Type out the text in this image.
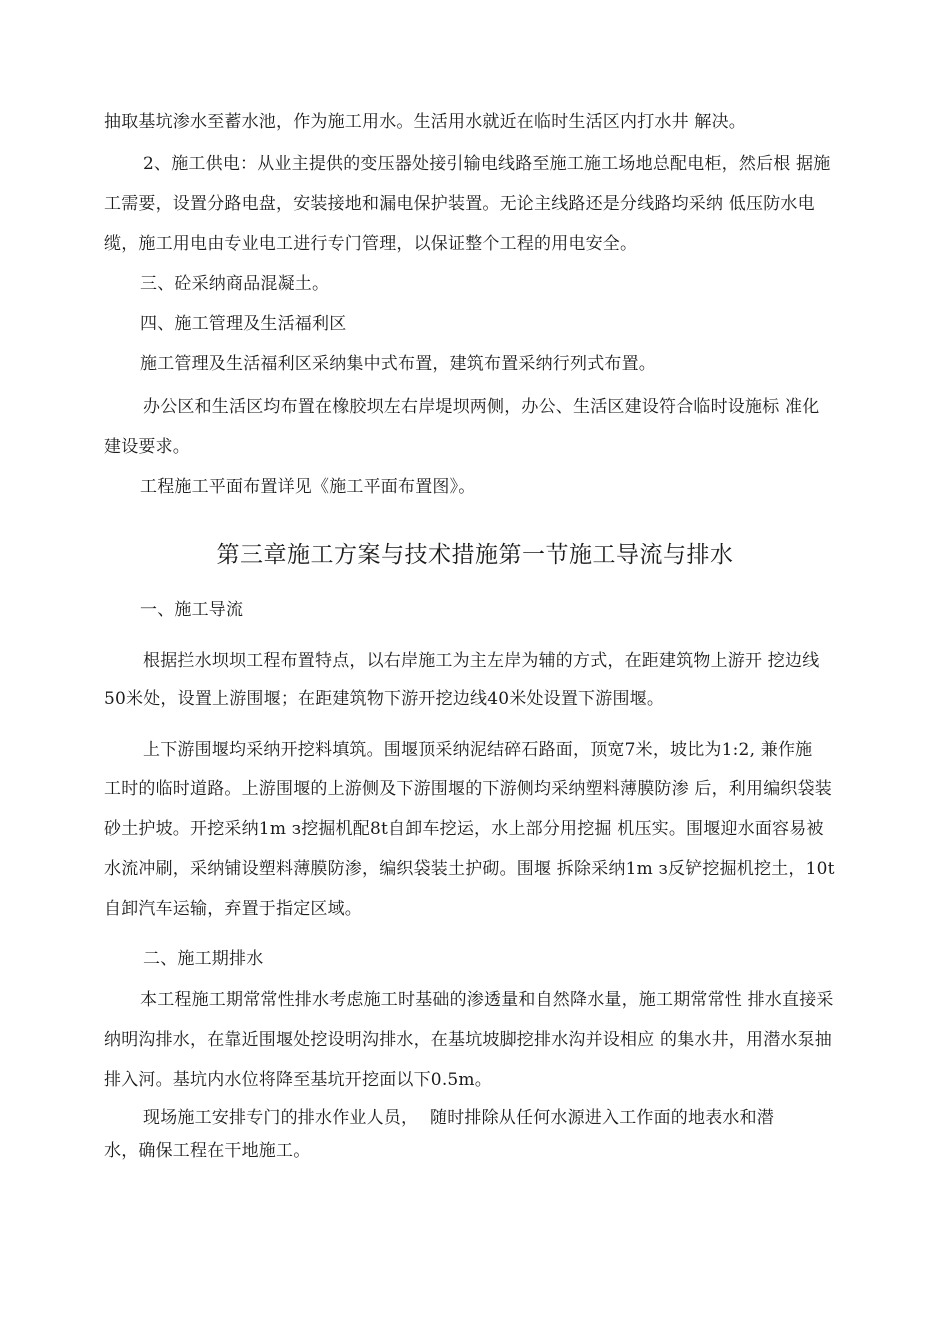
抽取基坑渗水至蓄水池，作为施工用水。生活用水就近在临时生活区内打水井 解决。
2、施工供电：从业主提供的变压器处接引输电线路至施工施工场地总配电柜，然后根 据施
工需要，设置分路电盘，安装接地和漏电保护装置。无论主线路还是分线路均采纳 低压防水电
缆，施工用电由专业电工进行专门管理，以保证整个工程的用电安全。
三、砼采纳商品混凝土。
四、施工管理及生活福利区
施工管理及生活福利区采纳集中式布置，建筑布置采纳行列式布置。
办公区和生活区均布置在橡胶坝左右岸堤坝两侧，办公、生活区建设符合临时设施标 准化
建设要求。
工程施工平面布置详见《施工平面布置图》。
第三章施工方案与技术措施第一节施工导流与排水
一、施工导流
根据拦水坝坝工程布置特点，以右岸施工为主左岸为辅的方式，在距建筑物上游开 挖边线
50米处，设置上游围堰；在距建筑物下游开挖边线40米处设置下游围堰。
上下游围堰均采纳开挖料填筑。围堰顶采纳泥结碎石路面，顶宽7米，坡比为1:2, 兼作施
工时的临时道路。上游围堰的上游侧及下游围堰的下游侧均采纳塑料薄膜防渗 后，利用编织袋装
砂土护坡。开挖采纳1m з挖掘机配8t自卸车挖运，水上部分用挖掘 机压实。围堰迎水面容易被
水流冲刷，采纳铺设塑料薄膜防渗，编织袋装土护砌。围堰 拆除采纳1m з反铲挖掘机挖土，10t
自卸汽车运输，弃置于指定区域。
二、施工期排水
本工程施工期常常性排水考虑施工时基础的渗透量和自然降水量，施工期常常性 排水直接采
纳明沟排水，在靠近围堰处挖设明沟排水，在基坑坡脚挖排水沟并设相应 的集水井，用潜水泵抽
排入河。基坑内水位将降至基坑开挖面以下0.5m。
现场施工安排专门的排水作业人员， 随时排除从任何水源进入工作面的地表水和潜
水，确保工程在干地施工。
